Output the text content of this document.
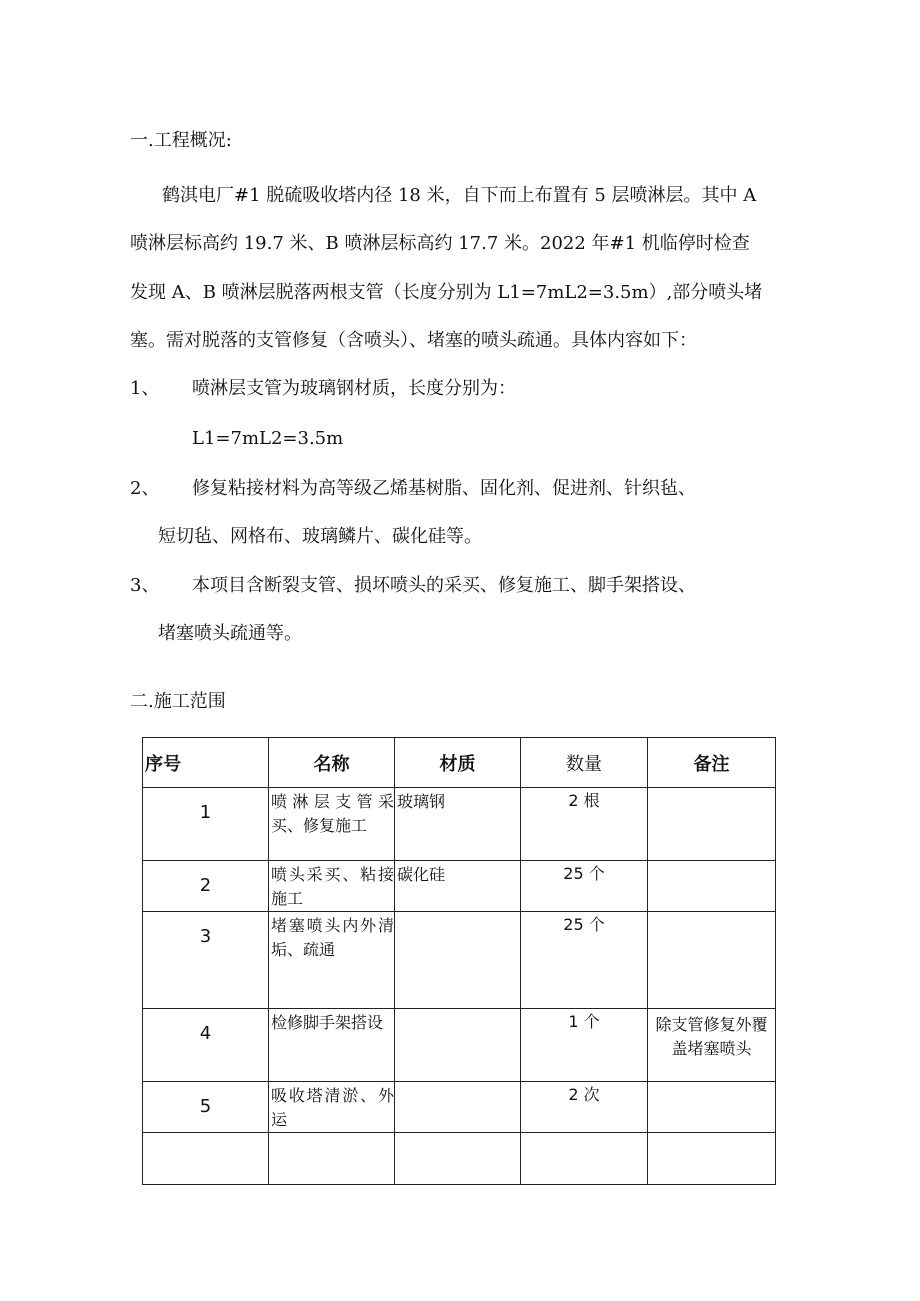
一.工程概况:
鹤淇电厂#1 脱硫吸收塔内径 18 米，自下而上布置有 5 层喷淋层。其中 A
喷淋层标高约 19.7 米、B 喷淋层标高约 17.7 米。2022 年#1 机临停时检查
发现 A、B 喷淋层脱落两根支管（长度分别为 L1=7mL2=3.5m）,部分喷头堵
塞。需对脱落的支管修复（含喷头）、堵塞的喷头疏通。具体内容如下：
1、 喷淋层支管为玻璃钢材质，长度分别为：
L1=7mL2=3.5m
2、 修复粘接材料为高等级乙烯基树脂、固化剂、促进剂、针织毡、
短切毡、网格布、玻璃鳞片、碳化硅等。
3、 本项目含断裂支管、损坏喷头的采买、修复施工、脚手架搭设、
堵塞喷头疏通等。
二.施工范围
序号	名称	材质	数量	备注
1	喷淋层支管采买、修复施工	玻璃钢	2 根	
2	喷头采买、粘接施工	碳化硅	25 个	
3	堵塞喷头内外清垢、疏通		25 个	
4	检修脚手架搭设		1 个	除支管修复外覆盖堵塞喷头
5	吸收塔清淤、外运		2 次	
